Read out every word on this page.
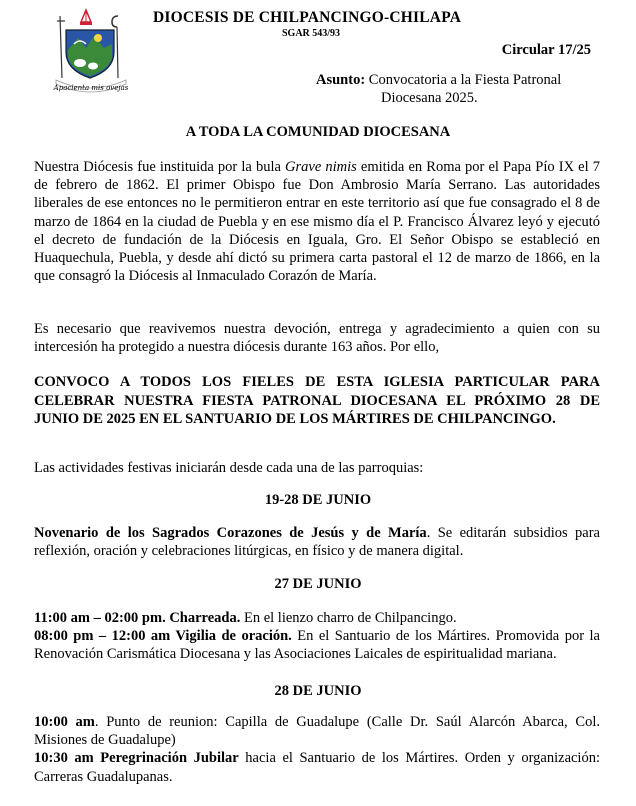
Apacienta mis ovejas
DIOCESIS DE CHILPANCINGO-CHILAPA
SGAR 543/93
Circular 17/25
Asunto: Convocatoria a la Fiesta Patronal
Diocesana 2025.
A TODA LA COMUNIDAD DIOCESANA
Nuestra Diócesis fue instituida por la bula Grave nimis emitida en Roma por el Papa Pío IX el 7 de febrero de 1862. El primer Obispo fue Don Ambrosio María Serrano. Las autoridades liberales de ese entonces no le permitieron entrar en este territorio así que fue consagrado el 8 de marzo de 1864 en la ciudad de Puebla y en ese mismo día el P. Francisco Álvarez leyó y ejecutó el decreto de fundación de la Diócesis en Iguala, Gro. El Señor Obispo se estableció en Huaquechula, Puebla, y desde ahí dictó su primera carta pastoral el 12 de marzo de 1866, en la que consagró la Diócesis al Inmaculado Corazón de María.
Es necesario que reavivemos nuestra devoción, entrega y agradecimiento a quien con su intercesión ha protegido a nuestra diócesis durante 163 años. Por ello,
CONVOCO A TODOS LOS FIELES DE ESTA IGLESIA PARTICULAR PARA CELEBRAR NUESTRA FIESTA PATRONAL DIOCESANA EL PRÓXIMO 28 DE JUNIO DE 2025 EN EL SANTUARIO DE LOS MÁRTIRES DE CHILPANCINGO.
Las actividades festivas iniciarán desde cada una de las parroquias:
19-28 DE JUNIO
Novenario de los Sagrados Corazones de Jesús y de María. Se editarán subsidios para reflexión, oración y celebraciones litúrgicas, en físico y de manera digital.
27 DE JUNIO
11:00 am – 02:00 pm. Charreada. En el lienzo charro de Chilpancingo.
08:00 pm – 12:00 am Vigilia de oración. En el Santuario de los Mártires. Promovida por la Renovación Carismática Diocesana y las Asociaciones Laicales de espiritualidad mariana.
28 DE JUNIO
10:00 am. Punto de reunion: Capilla de Guadalupe (Calle Dr. Saúl Alarcón Abarca, Col. Misiones de Guadalupe)
10:30 am Peregrinación Jubilar hacia el Santuario de los Mártires. Orden y organización: Carreras Guadalupanas.
